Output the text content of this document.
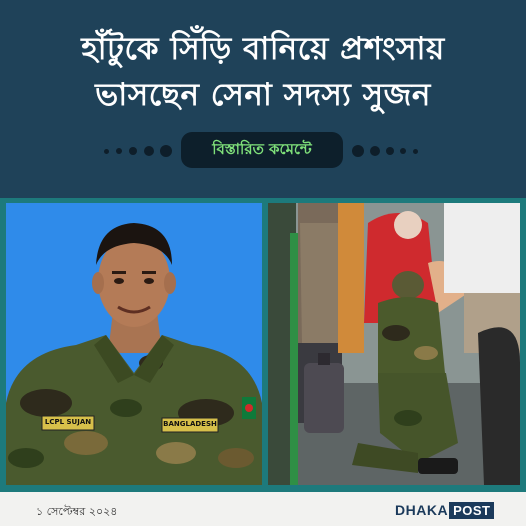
হাঁটুকে সিঁড়ি বানিয়ে প্রশংসায়
ভাসছেন সেনা সদস্য সুজন
বিস্তারিত কমেন্টে
LCPL SUJAN	BANGLADESH
১ সেপ্টেম্বর ২০২৪	DHAKA POST
